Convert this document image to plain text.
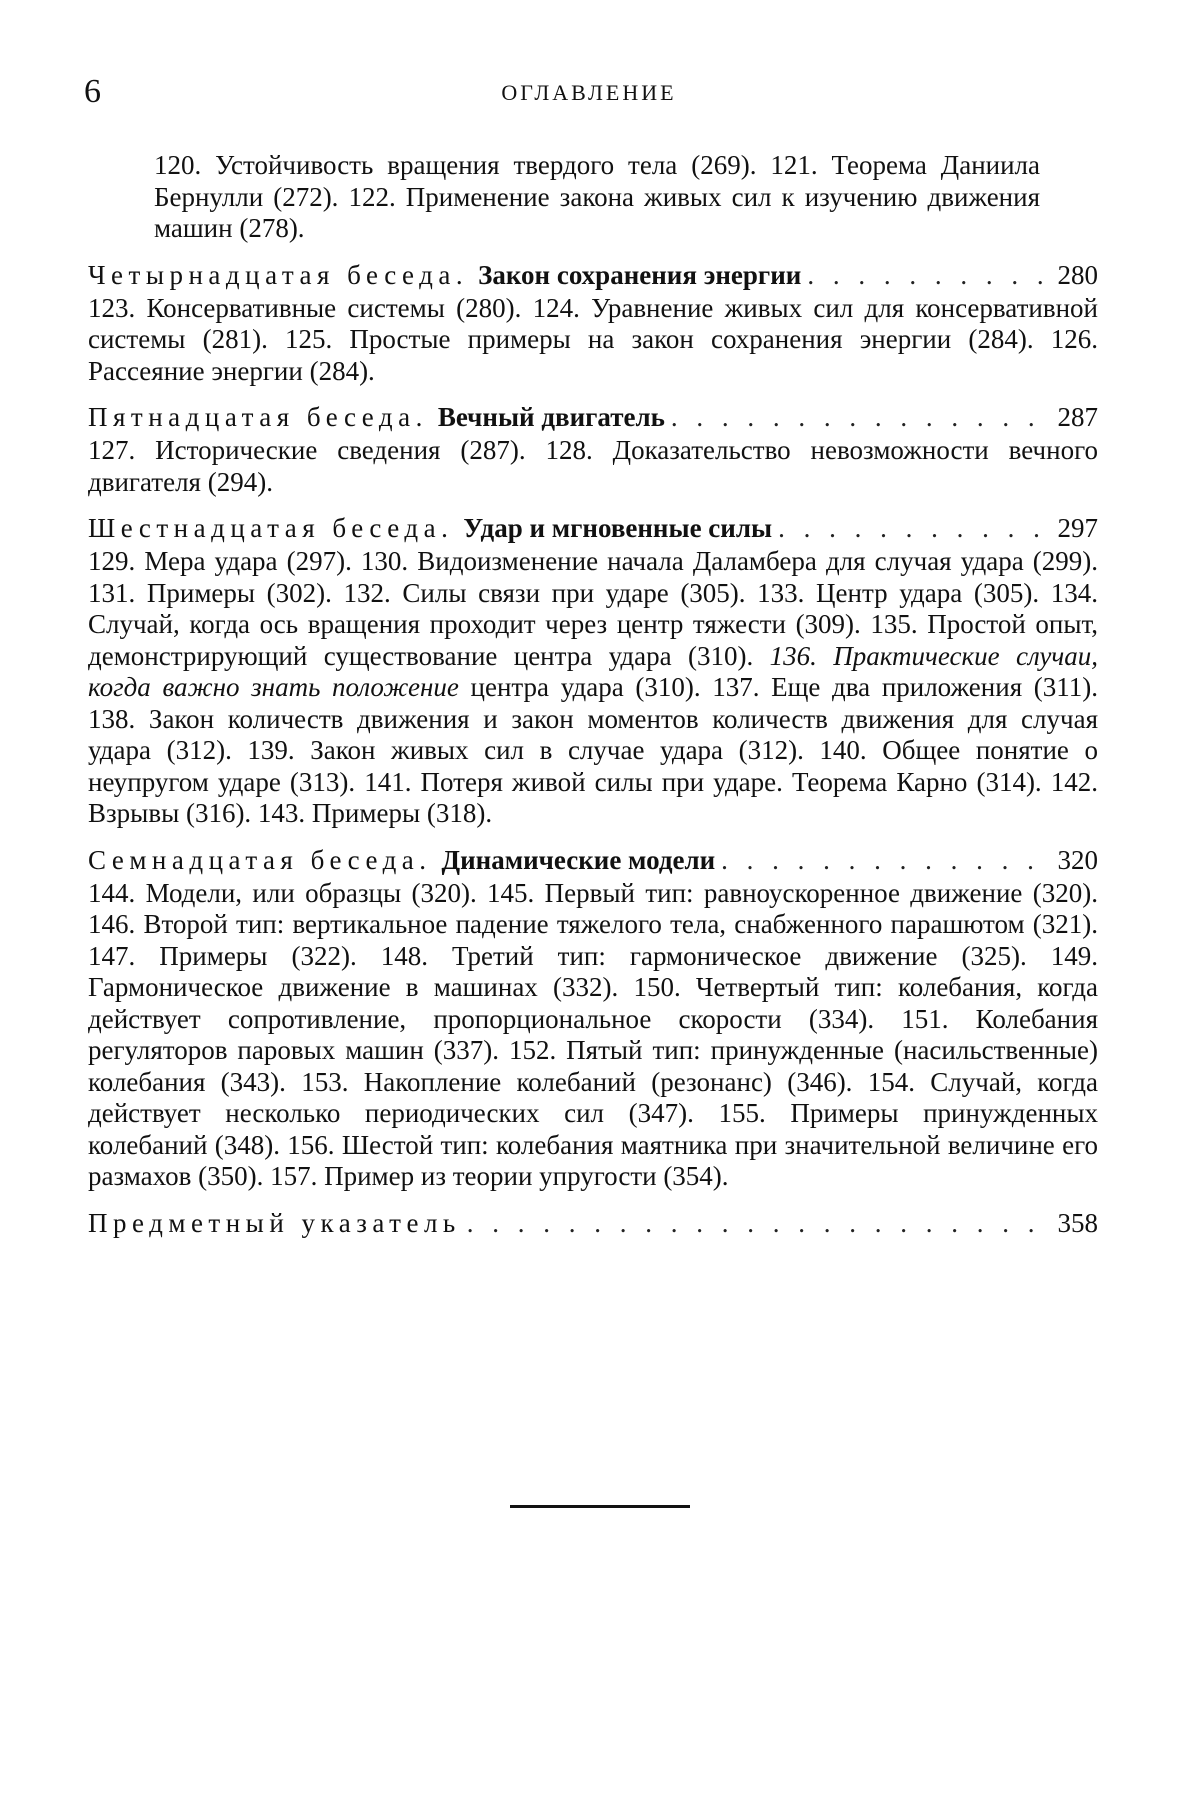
6	ОГЛАВЛЕНИЕ

120. Устойчивость вращения твердого тела (269). 121. Теорема Даниила Бернулли (272). 122. Применение закона живых сил к изучению движения машин (278).

Четырнадцатая беседа. Закон сохранения энергии . . .	280

123. Консервативные системы (280). 124. Уравнение живых сил для консервативной системы (281). 125. Простые примеры на закон сохранения энергии (284). 126. Рассеяние энергии (284).

Пятнадцатая беседа. Вечный двигатель . . .	287

127. Исторические сведения (287). 128. Доказательство невозможности вечного двигателя (294).

Шестнадцатая беседа. Удар и мгновенные силы . . .	297

129. Мера удара (297). 130. Видоизменение начала Даламбера для случая удара (299). 131. Примеры (302). 132. Силы связи при ударе (305). 133. Центр удара (305). 134. Случай, когда ось вращения проходит через центр тяжести (309). 135. Простой опыт, демонстрирующий существование центра удара (310). 136. Практические случаи, когда важно знать положение центра удара (310). 137. Еще два приложения (311). 138. Закон количеств движения и закон моментов количеств движения для случая удара (312). 139. Закон живых сил в случае удара (312). 140. Общее понятие о неупругом ударе (313). 141. Потеря живой силы при ударе. Теорема Карно (314). 142. Взрывы (316). 143. Примеры (318).

Семнадцатая беседа. Динамические модели . . .	320

144. Модели, или образцы (320). 145. Первый тип: равноускоренное движение (320). 146. Второй тип: вертикальное падение тяжелого тела, снабженного парашютом (321). 147. Примеры (322). 148. Третий тип: гармоническое движение (325). 149. Гармоническое движение в машинах (332). 150. Четвертый тип: колебания, когда действует сопротивление, пропорциональное скорости (334). 151. Колебания регуляторов паровых машин (337). 152. Пятый тип: принужденные (насильственные) колебания (343). 153. Накопление колебаний (резонанс) (346). 154. Случай, когда действует несколько периодических сил (347). 155. Примеры принужденных колебаний (348). 156. Шестой тип: колебания маятника при значительной величине его размахов (350). 157. Пример из теории упругости (354).

Предметный указатель . . .	358
